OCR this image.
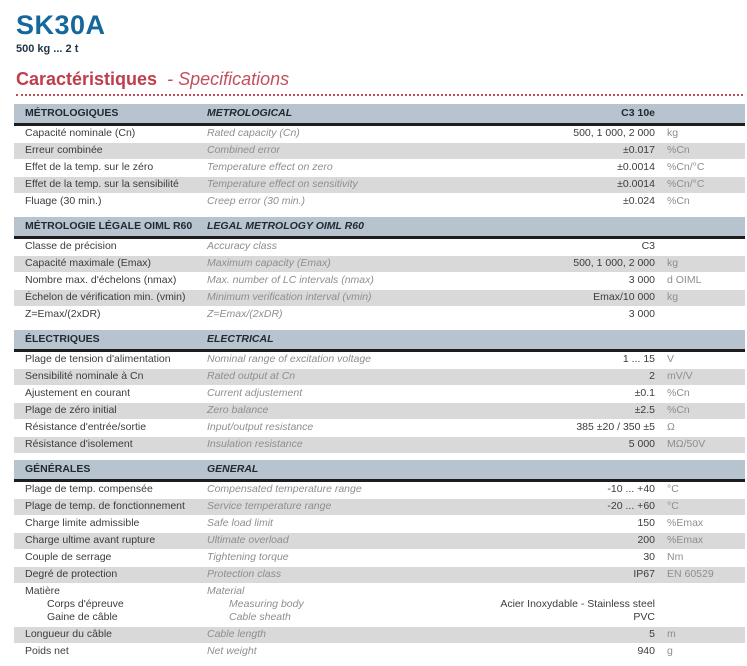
SK30A
500 kg ... 2 t
Caractéristiques - Specifications
MÉTROLOGIQUES	METROLOGICAL	C3 10e
Capacité nominale (Cn)	Rated capacity (Cn)	500, 1 000, 2 000	kg
Erreur combinée	Combined error	±0.017	%Cn
Effet de la temp. sur le zéro	Temperature effect on zero	±0.0014	%Cn/°C
Effet de la temp. sur la sensibilité	Temperature effect on sensitivity	±0.0014	%Cn/°C
Fluage (30 min.)	Creep error (30 min.)	±0.024	%Cn
MÉTROLOGIE LÉGALE OIML R60	LEGAL METROLOGY OIML R60
Classe de précision	Accuracy class	C3
Capacité maximale (Emax)	Maximum capacity (Emax)	500, 1 000, 2 000	kg
Nombre max. d'échelons (nmax)	Max. number of LC intervals (nmax)	3 000	d OIML
Échelon de vérification min. (vmin)	Minimum verification interval (vmin)	Emax/10 000	kg
Z=Emax/(2xDR)	Z=Emax/(2xDR)	3 000
ÉLECTRIQUES	ELECTRICAL
Plage de tension d'alimentation	Nominal range of excitation voltage	1 ... 15	V
Sensibilité nominale à Cn	Rated output at Cn	2	mV/V
Ajustement en courant	Current adjustement	±0.1	%Cn
Plage de zéro initial	Zero balance	±2.5	%Cn
Résistance d'entrée/sortie	Input/output resistance	385 ±20 / 350 ±5	Ω
Résistance d'isolement	Insulation resistance	5 000	MΩ/50V
GÉNÉRALES	GENERAL
Plage de temp. compensée	Compensated temperature range	-10 ... +40	°C
Plage de temp. de fonctionnement	Service temperature range	-20 ... +60	°C
Charge limite admissible	Safe load limit	150	%Emax
Charge ultime avant rupture	Ultimate overload	200	%Emax
Couple de serrage	Tightening torque	30	Nm
Degré de protection	Protection class	IP67	EN 60529
Matière	Material
Corps d'épreuve	Measuring body	Acier Inoxydable - Stainless steel
Gaine de câble	Cable sheath	PVC
Longueur du câble	Cable length	5	m
Poids net	Net weight	940	g
